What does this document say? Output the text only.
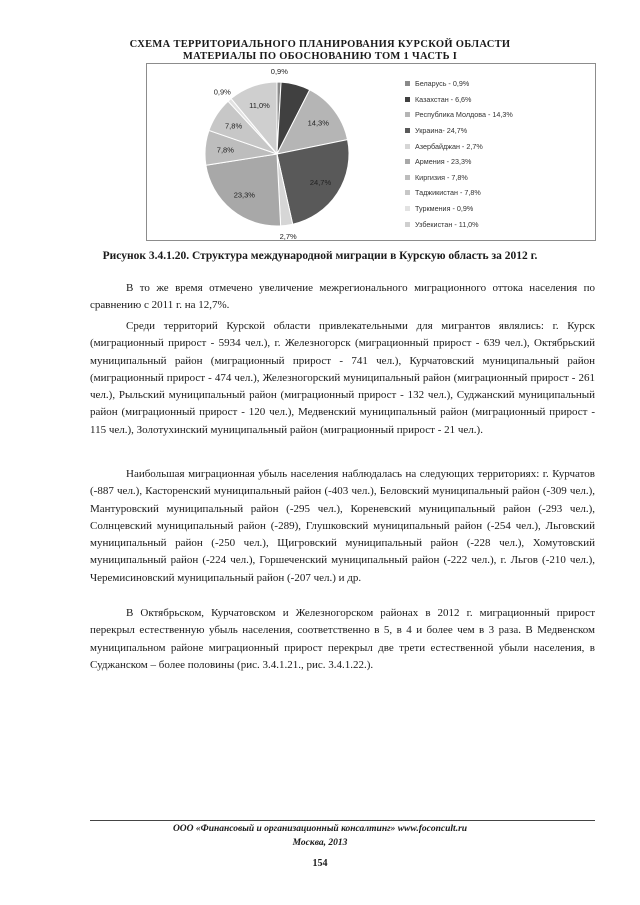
СХЕМА ТЕРРИТОРИАЛЬНОГО ПЛАНИРОВАНИЯ КУРСКОЙ ОБЛАСТИ
МАТЕРИАЛЫ ПО ОБОСНОВАНИЮ ТОМ 1 ЧАСТЬ I
0,9%
14,3%
24,7%
2,7%
23,3%
7,8%
7,8%
0,9%
11,0%
Беларусь - 0,9%
Казахстан - 6,6%
Республика Молдова - 14,3%
Украина- 24,7%
Азербайджан - 2,7%
Армения - 23,3%
Киргизия - 7,8%
Таджикистан - 7,8%
Туркмения - 0,9%
Узбекистан - 11,0%
Рисунок 3.4.1.20. Структура международной миграции в Курскую область за 2012 г.

В то же время отмечено увеличение межрегионального миграционного оттока населения по сравнению с 2011 г. на 12,7%.

Среди территорий Курской области привлекательными для мигрантов являлись: г. Курск (миграционный прирост - 5934 чел.), г. Железногорск (миграционный прирост - 639 чел.), Октябрьский муниципальный район (миграционный прирост - 741 чел.), Курчатовский муниципальный район (миграционный прирост - 474 чел.), Железногорский муниципальный район (миграционный прирост - 261 чел.), Рыльский муниципальный район (миграционный прирост - 132 чел.), Суджанский муниципальный район (миграционный прирост - 120 чел.), Медвенский муниципальный район (миграционный прирост - 115 чел.), Золотухинский муниципальный район (миграционный прирост - 21 чел.).

Наибольшая миграционная убыль населения наблюдалась на следующих территориях: г. Курчатов (-887 чел.), Касторенский муниципальный район (-403 чел.), Беловский муниципальный район (-309 чел.), Мантуровский муниципальный район (-295 чел.), Кореневский муниципальный район (-293 чел.), Солнцевский муниципальный район (-289), Глушковский муниципальный район (-254 чел.), Льговский муниципальный район (-250 чел.), Щигровский муниципальный район (-228 чел.), Хомутовский муниципальный район (-224 чел.), Горшеченский муниципальный район (-222 чел.), г. Льгов (-210 чел.), Черемисиновский муниципальный район (-207 чел.) и др.

В Октябрьском, Курчатовском и Железногорском районах в 2012 г. миграционный прирост перекрыл естественную убыль населения, соответственно в 5, в 4 и более чем в 3 раза. В Медвенском муниципальном районе миграционный прирост перекрыл две трети естественной убыли населения, в Суджанском – более половины (рис. 3.4.1.21., рис. 3.4.1.22.).

ООО «Финансовый и организационный консалтинг» www.foconcult.ru
Москва, 2013
154
